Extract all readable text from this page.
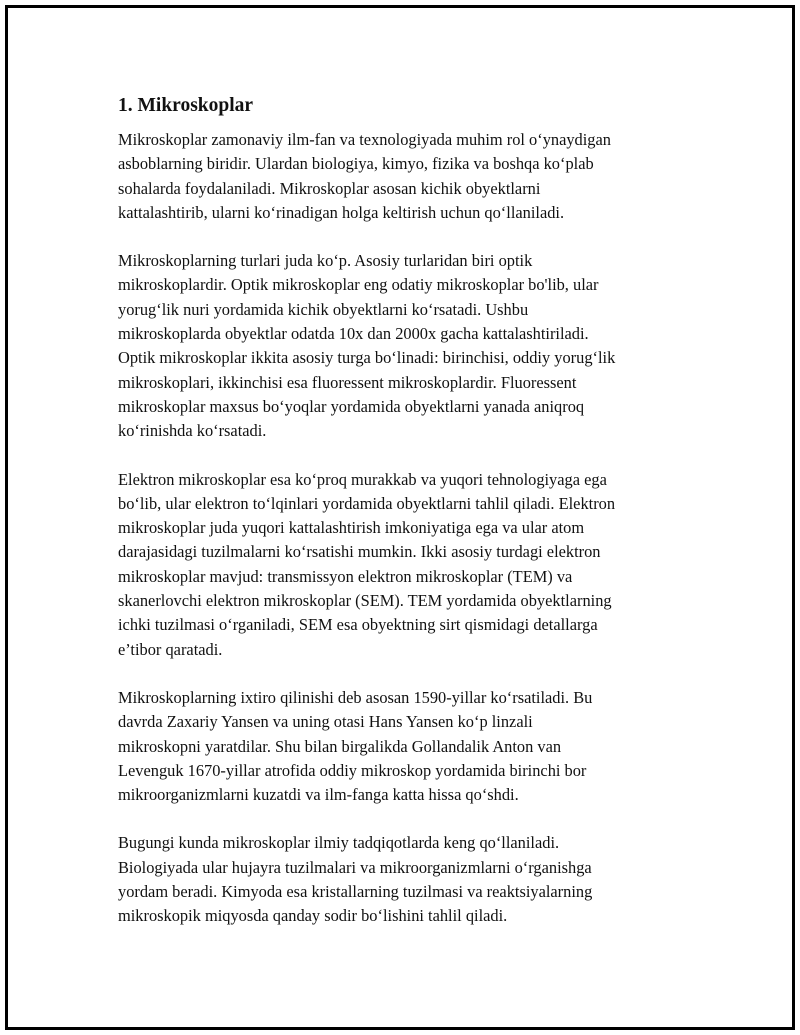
1. Mikroskoplar

Mikroskoplar zamonaviy ilm-fan va texnologiyada muhim rol o‘ynaydigan
asboblarning biridir. Ulardan biologiya, kimyo, fizika va boshqa ko‘plab
sohalarda foydalaniladi. Mikroskoplar asosan kichik obyektlarni
kattalashtirib, ularni ko‘rinadigan holga keltirish uchun qo‘llaniladi.

Mikroskoplarning turlari juda ko‘p. Asosiy turlaridan biri optik
mikroskoplardir. Optik mikroskoplar eng odatiy mikroskoplar bo'lib, ular
yorug‘lik nuri yordamida kichik obyektlarni ko‘rsatadi. Ushbu
mikroskoplarda obyektlar odatda 10x dan 2000x gacha kattalashtiriladi.
Optik mikroskoplar ikkita asosiy turga bo‘linadi: birinchisi, oddiy yorug‘lik
mikroskoplari, ikkinchisi esa fluoressent mikroskoplardir. Fluoressent
mikroskoplar maxsus bo‘yoqlar yordamida obyektlarni yanada aniqroq
ko‘rinishda ko‘rsatadi.

Elektron mikroskoplar esa ko‘proq murakkab va yuqori tehnologiyaga ega
bo‘lib, ular elektron to‘lqinlari yordamida obyektlarni tahlil qiladi. Elektron
mikroskoplar juda yuqori kattalashtirish imkoniyatiga ega va ular atom
darajasidagi tuzilmalarni ko‘rsatishi mumkin. Ikki asosiy turdagi elektron
mikroskoplar mavjud: transmissyon elektron mikroskoplar (TEM) va
skanerlovchi elektron mikroskoplar (SEM). TEM yordamida obyektlarning
ichki tuzilmasi o‘rganiladi, SEM esa obyektning sirt qismidagi detallarga
e’tibor qaratadi.

Mikroskoplarning ixtiro qilinishi deb asosan 1590-yillar ko‘rsatiladi. Bu
davrda Zaxariy Yansen va uning otasi Hans Yansen ko‘p linzali
mikroskopni yaratdilar. Shu bilan birgalikda Gollandalik Anton van
Levenguk 1670-yillar atrofida oddiy mikroskop yordamida birinchi bor
mikroorganizmlarni kuzatdi va ilm-fanga katta hissa qo‘shdi.

Bugungi kunda mikroskoplar ilmiy tadqiqotlarda keng qo‘llaniladi.
Biologiyada ular hujayra tuzilmalari va mikroorganizmlarni o‘rganishga
yordam beradi. Kimyoda esa kristallarning tuzilmasi va reaktsiyalarning
mikroskopik miqyosda qanday sodir bo‘lishini tahlil qiladi.
